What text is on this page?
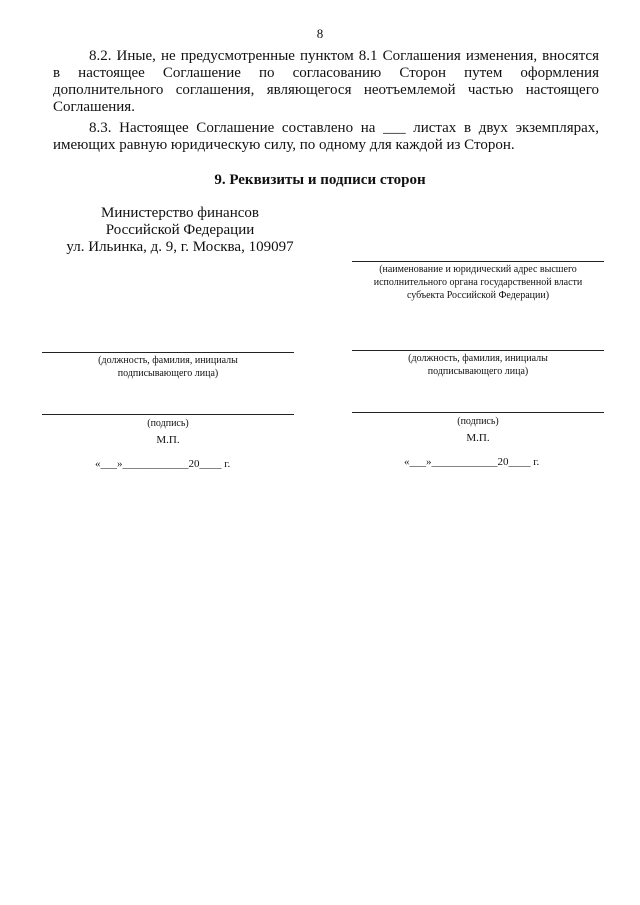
8
8.2. Иные, не предусмотренные пунктом 8.1 Соглашения изменения, вносятся в настоящее Соглашение по согласованию Сторон путем оформления дополнительного соглашения, являющегося неотъемлемой частью настоящего Соглашения.
8.3. Настоящее Соглашение составлено на ___ листах в двух экземплярах, имеющих равную юридическую силу, по одному для каждой из Сторон.
9. Реквизиты и подписи сторон
Министерство финансов
Российской Федерации
ул. Ильинка, д. 9, г. Москва, 109097
(должность, фамилия, инициалы
подписывающего лица)
(подпись)
М.П.
«___»____________20____ г.
(наименование и юридический адрес высшего
исполнительного органа государственной власти
субъекта Российской Федерации)
(должность, фамилия, инициалы
подписывающего лица)
(подпись)
М.П.
«___»____________20____ г.
